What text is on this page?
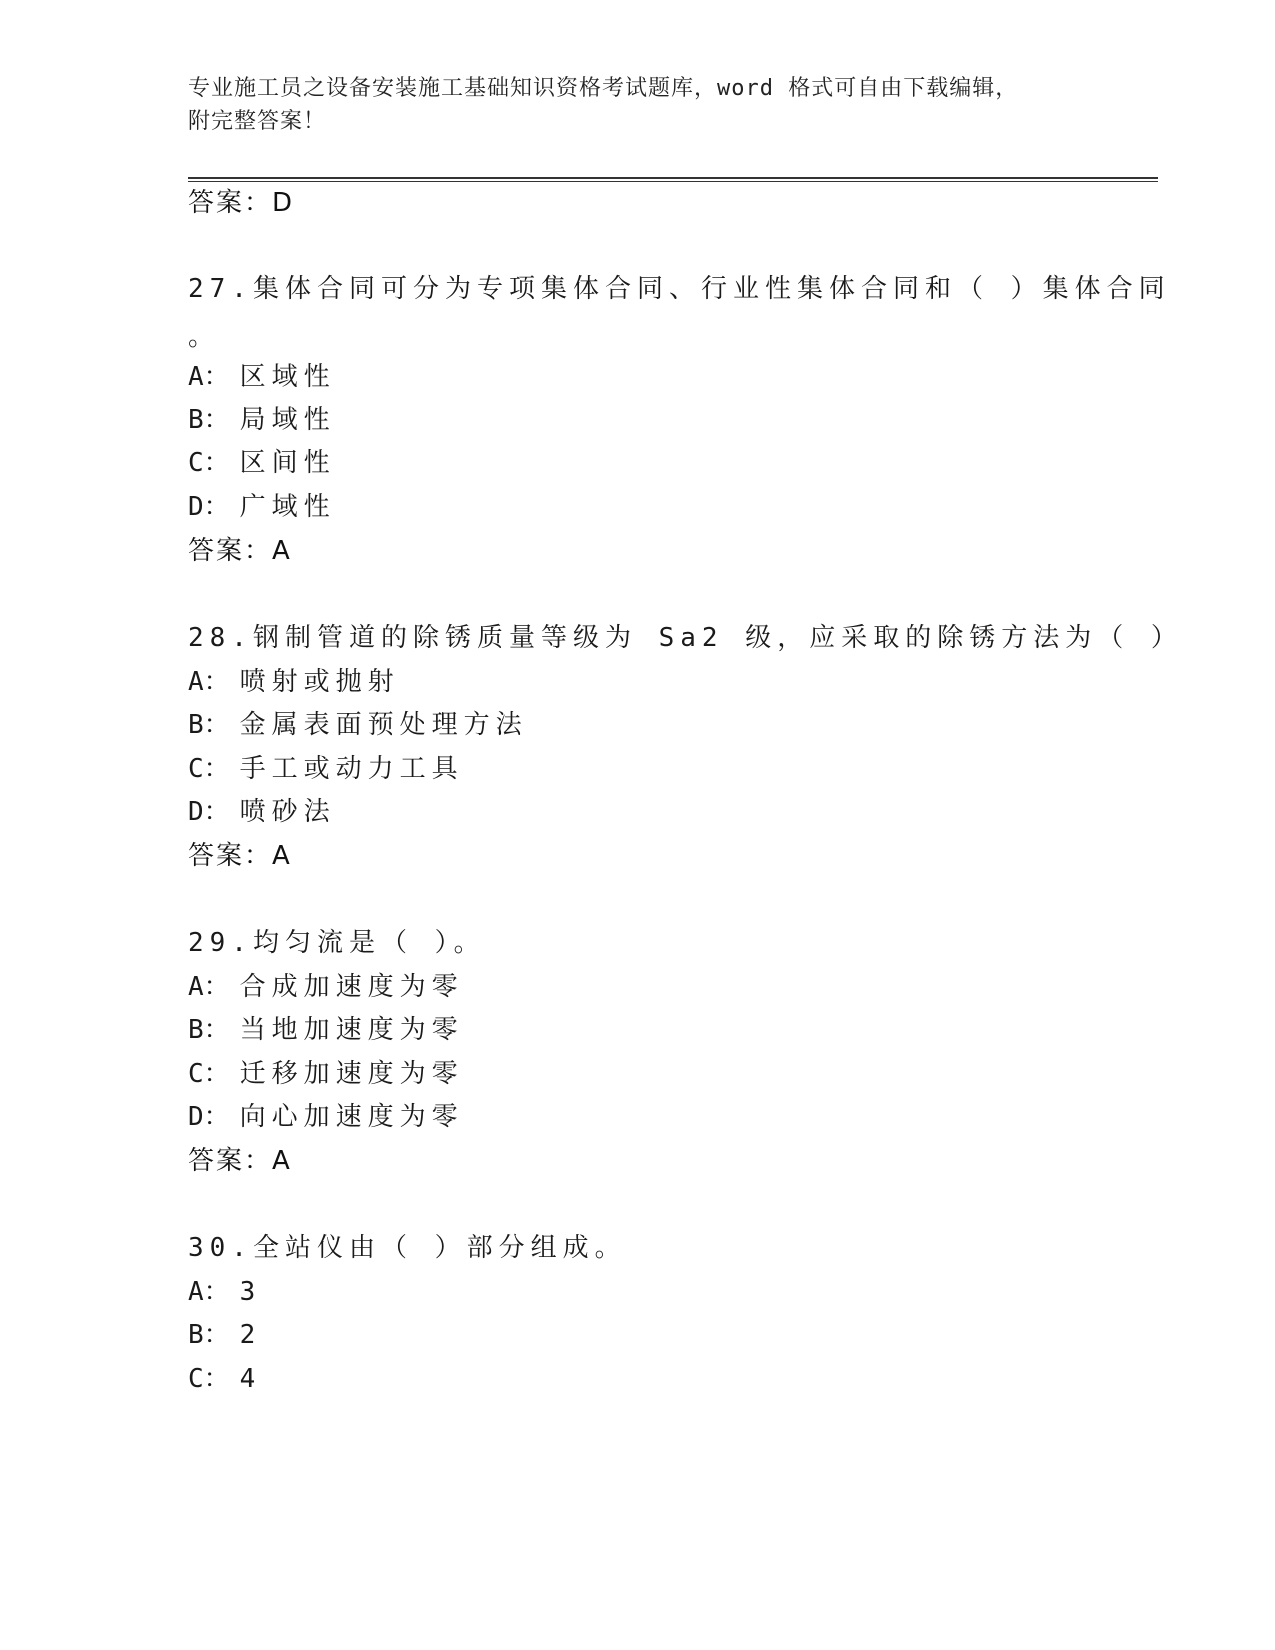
专业施工员之设备安装施工基础知识资格考试题库，word 格式可自由下载编辑，
附完整答案！
答案：D
27.集体合同可分为专项集体合同、行业性集体合同和（ ）集体合同
。
A： 区域性
B： 局域性
C： 区间性
D： 广域性
答案：A
28.钢制管道的除锈质量等级为 Sa2 级，应采取的除锈方法为（ ）
A： 喷射或抛射
B： 金属表面预处理方法
C： 手工或动力工具
D： 喷砂法
答案：A
29.均匀流是（ ）。
A： 合成加速度为零
B： 当地加速度为零
C： 迁移加速度为零
D： 向心加速度为零
答案：A
30.全站仪由（ ）部分组成。
A： 3
B： 2
C： 4
